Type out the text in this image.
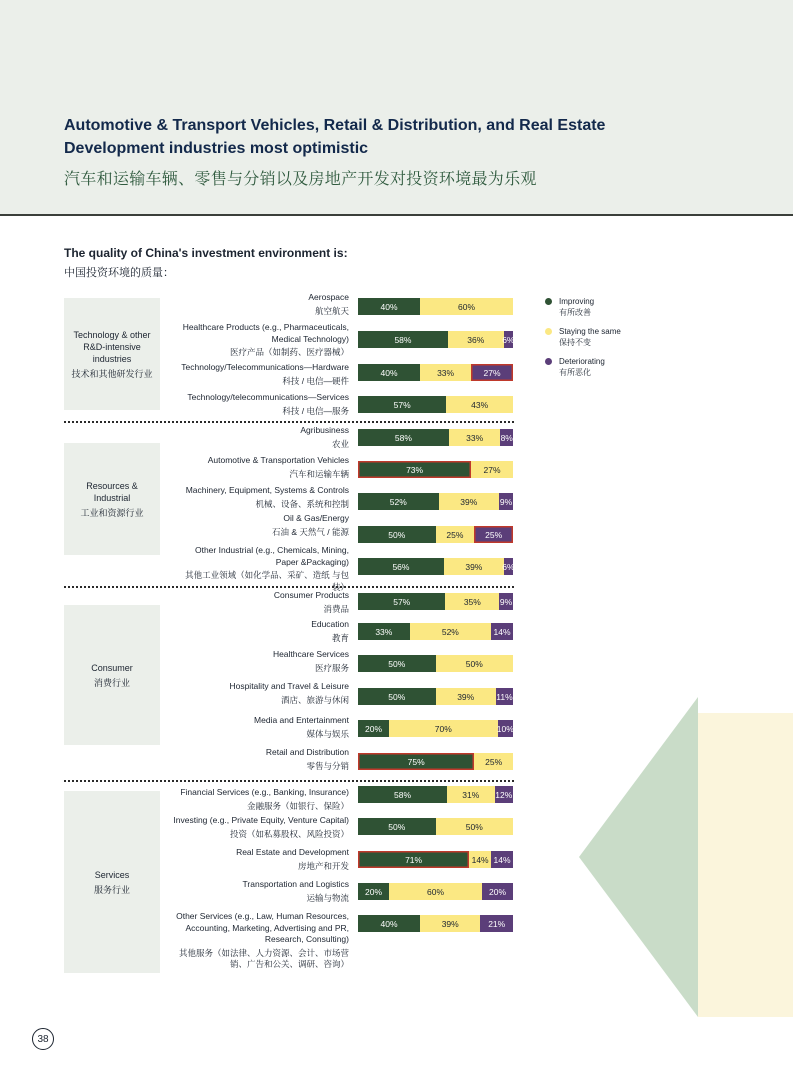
Automotive & Transport Vehicles, Retail & Distribution, and Real Estate Development industries most optimistic
汽车和运输车辆、零售与分销以及房地产开发对投资环境最为乐观
The quality of China's investment environment is:
中国投资环境的质量：
Technology & other R&D-intensive industries
技术和其他研发行业
Resources & Industrial
工业和资源行业
Consumer
消费行业
Services
服务行业
Aerospace
航空航天	40%	60%
Healthcare Products (e.g., Pharmaceuticals, Medical Technology)
医疗产品（如制药、医疗器械）
58%	36% 6%
Technology/Telecommunications—Hardware
科技 / 电信—硬件
40%	33%	27%
Technology/telecommunications—Services
科技 / 电信—服务
57%	43%
Agribusiness
农业
58%	33% 8%
Automotive & Transportation Vehicles
汽车和运输车辆	73%	27%
Machinery, Equipment, Systems & Controls
机械、设备、系统和控制	52%	39%	9%
Oil & Gas/Energy
石油 & 天然气 / 能源	50%	25%	25%
Other Industrial (e.g., Chemicals, Mining, Paper &Packaging)
其他工业领域（如化学品、采矿、造纸 与包装）
56%	39% 6%
Consumer Products
消费品
57%	35% 9%
Education
教育
33%	52%	14%
Healthcare Services
医疗服务	50%	50%
Hospitality and Travel & Leisure
酒店、旅游与休闲	50%	39%	11%
Media and Entertainment
媒体与娱乐 20%	70%	10%
Retail and Distribution
零售与分销	75%	25%
Financial Services (e.g., Banking, Insurance)
金融服务（如银行、保险）
58%	31% 12%
Investing (e.g., Private Equity, Venture Capital)
投资（如私募股权、风险投资）
50%	50%
Real Estate and Development
房地产和开发
71%	14% 14%
Transportation and Logistics
运输与物流
20%	60%	20%
Other Services (e.g., Law, Human Resources, Accounting, Marketing, Advertising and PR, Research, Consulting)
其他服务（如法律、人力资源、会计、市场营销、广告和公关、调研、咨询）
40%	39%	21%
Improving
有所改善
Staying the same
保持不变
Deteriorating
有所恶化
38
